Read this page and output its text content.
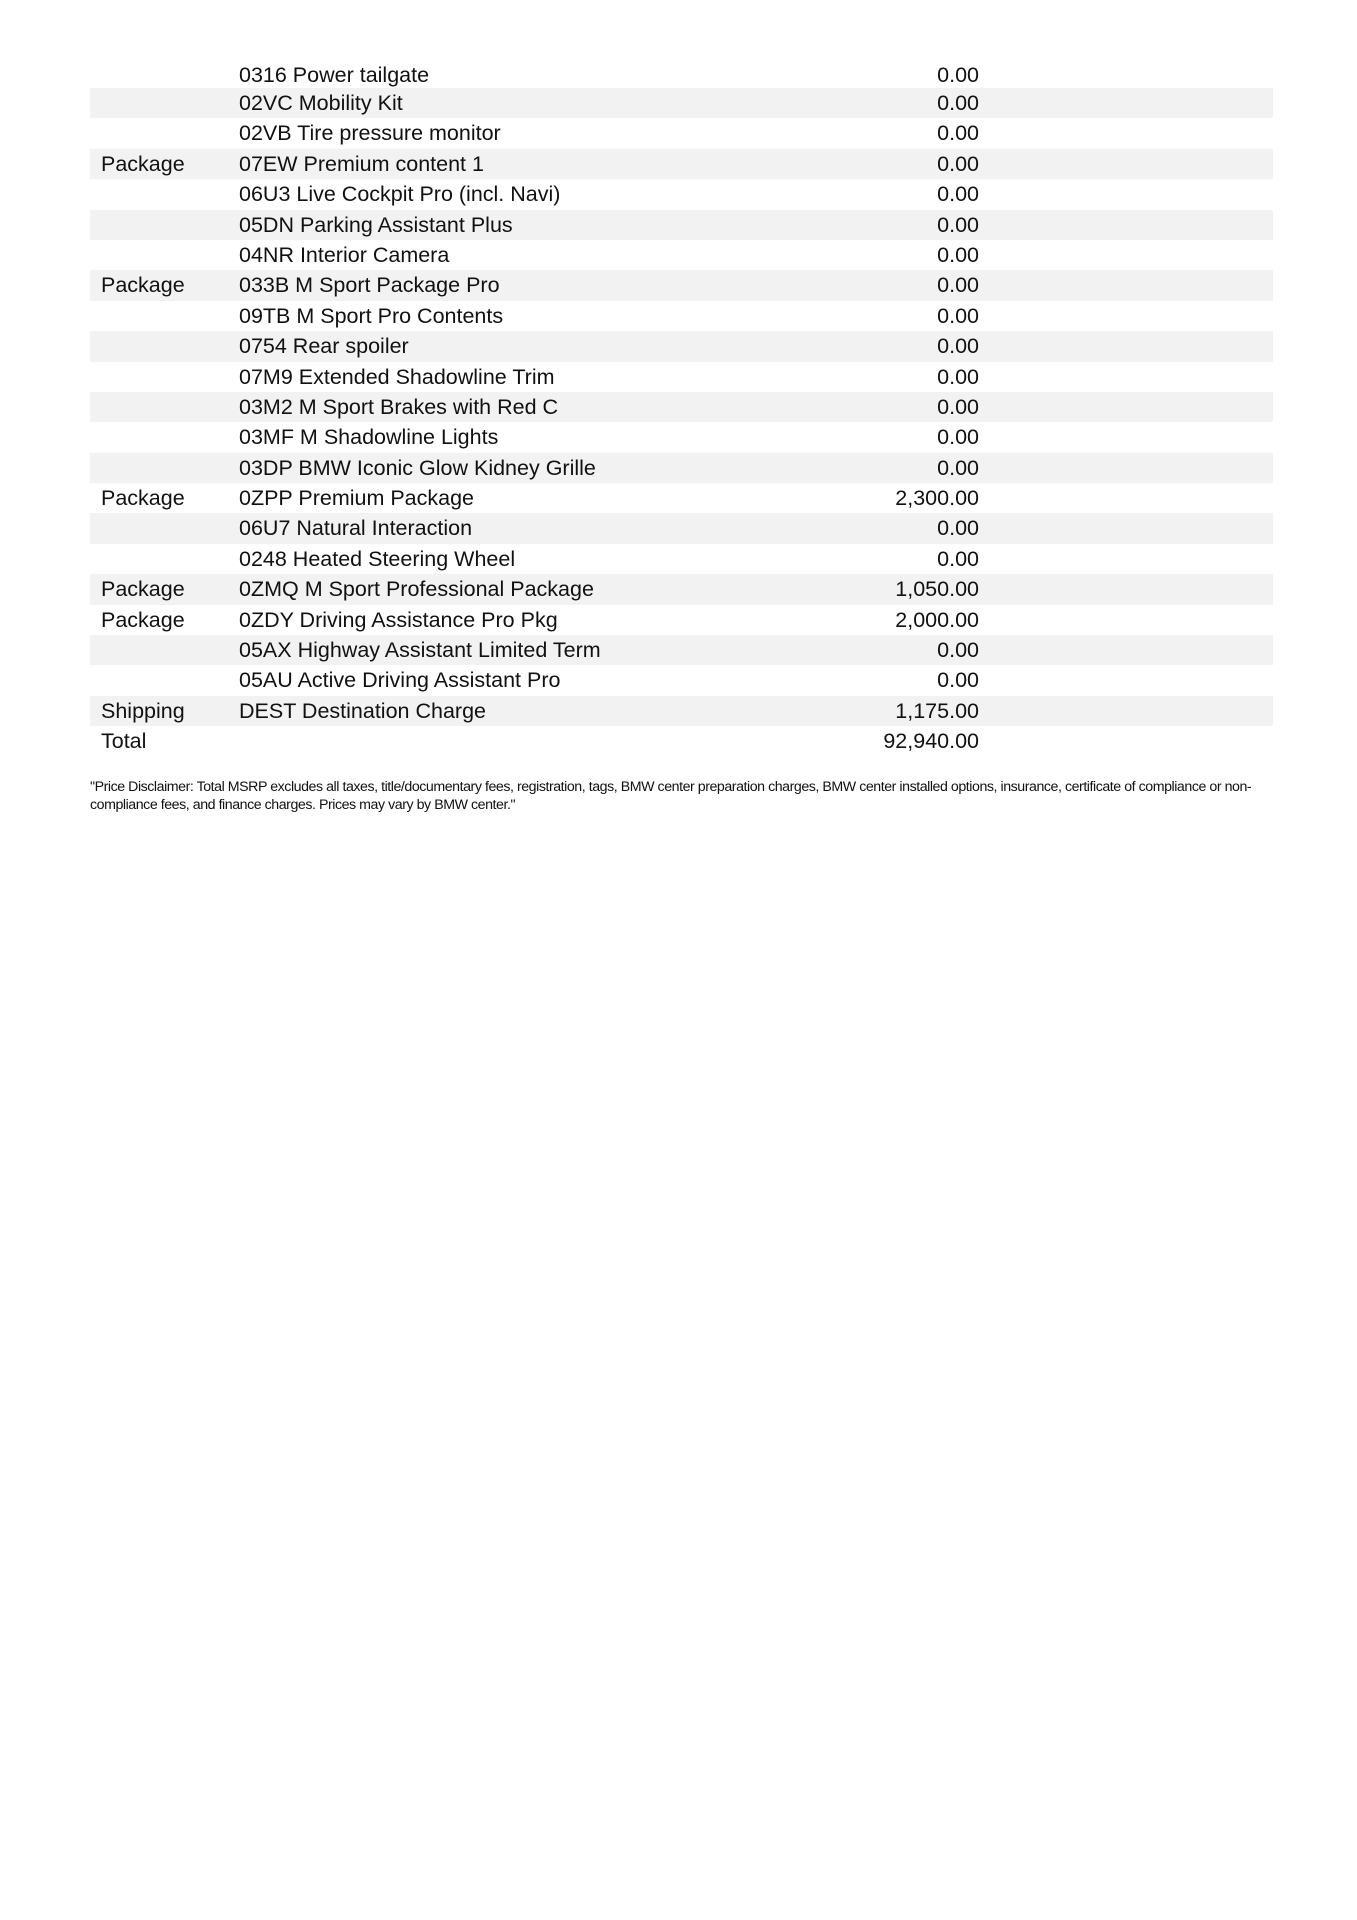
0316 Power tailgate	0.00
02VC Mobility Kit	0.00
02VB Tire pressure monitor	0.00
Package	07EW Premium content 1	0.00
06U3 Live Cockpit Pro (incl. Navi)	0.00
05DN Parking Assistant Plus	0.00
04NR Interior Camera	0.00
Package	033B M Sport Package Pro	0.00
09TB M Sport Pro Contents	0.00
0754 Rear spoiler	0.00
07M9 Extended Shadowline Trim	0.00
03M2 M Sport Brakes with Red C	0.00
03MF M Shadowline Lights	0.00
03DP BMW Iconic Glow Kidney Grille	0.00
Package	0ZPP Premium Package	2,300.00
06U7 Natural Interaction	0.00
0248 Heated Steering Wheel	0.00
Package	0ZMQ M Sport Professional Package	1,050.00
Package	0ZDY Driving Assistance Pro Pkg	2,000.00
05AX Highway Assistant Limited Term	0.00
05AU Active Driving Assistant Pro	0.00
Shipping	DEST Destination Charge	1,175.00
Total	92,940.00
"Price Disclaimer: Total MSRP excludes all taxes, title/documentary fees, registration, tags, BMW center preparation charges, BMW center installed options, insurance, certificate of compliance or non-compliance fees, and finance charges. Prices may vary by BMW center."
